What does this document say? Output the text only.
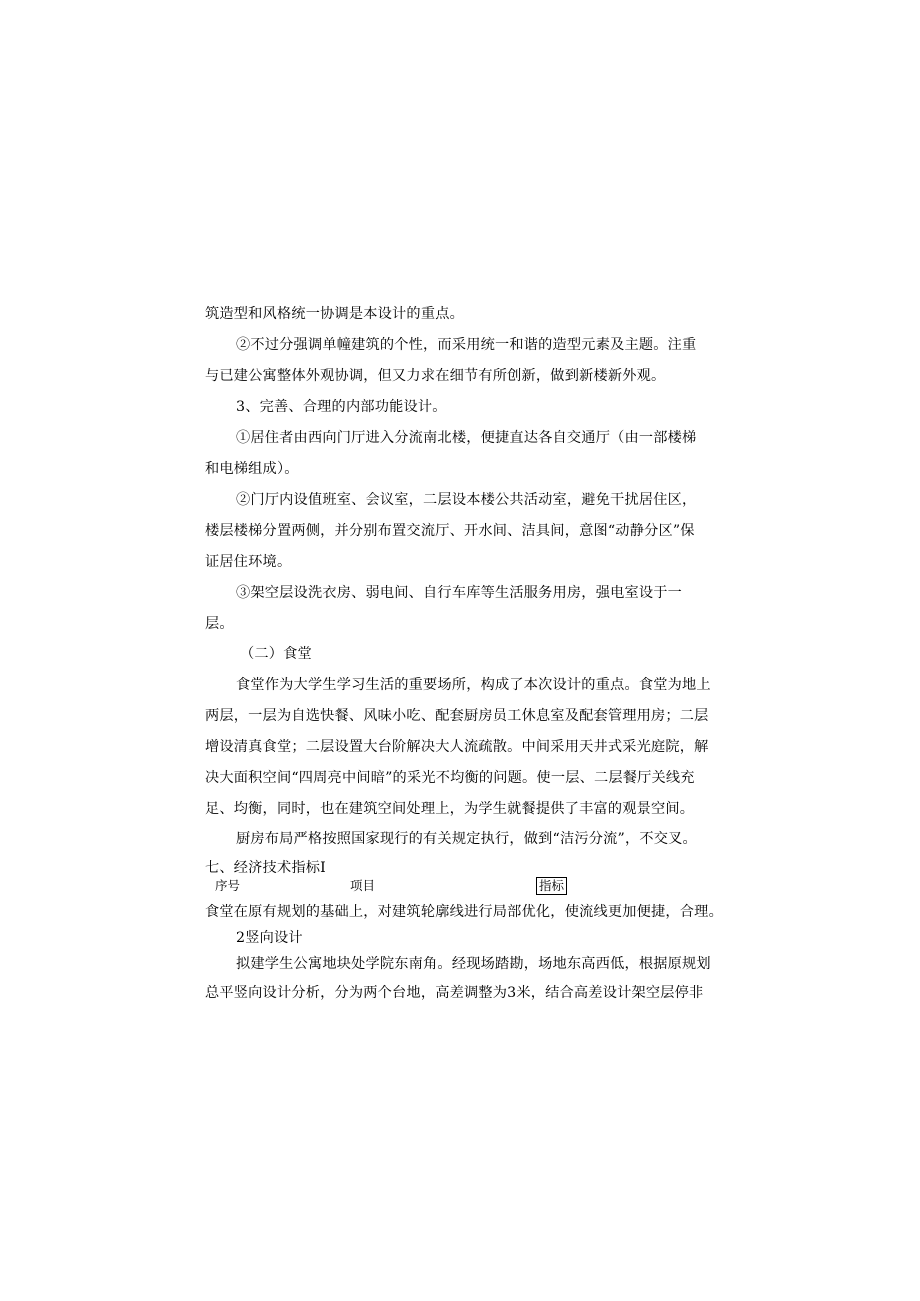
筑造型和风格统一协调是本设计的重点。
②不过分强调单幢建筑的个性，而采用统一和谐的造型元素及主题。注重
与已建公寓整体外观协调，但又力求在细节有所创新，做到新楼新外观。
3、完善、合理的内部功能设计。
①居住者由西向门厅进入分流南北楼，便捷直达各自交通厅（由一部楼梯
和电梯组成）。
②门厅内设值班室、会议室，二层设本楼公共活动室，避免干扰居住区，
楼层楼梯分置两侧，并分别布置交流厅、开水间、洁具间，意图“动静分区”保
证居住环境。
③架空层设洗衣房、弱电间、自行车库等生活服务用房，强电室设于一
层。
（二）食堂
食堂作为大学生学习生活的重要场所，构成了本次设计的重点。食堂为地上
两层，一层为自选快餐、风味小吃、配套厨房员工休息室及配套管理用房；二层
增设清真食堂；二层设置大台阶解决大人流疏散。中间采用天井式采光庭院，解
决大面积空间“四周亮中间暗”的采光不均衡的问题。使一层、二层餐厅关线充
足、均衡，同时，也在建筑空间处理上，为学生就餐提供了丰富的观景空间。
厨房布局严格按照国家现行的有关规定执行，做到“洁污分流”，不交叉。
七、经济技术指标I
序号	项目	指标
食堂在原有规划的基础上，对建筑轮廓线进行局部优化，使流线更加便捷，合理。
2竖向设计
拟建学生公寓地块处学院东南角。经现场踏勘，场地东高西低，根据原规划
总平竖向设计分析，分为两个台地，高差调整为3米，结合高差设计架空层停非
